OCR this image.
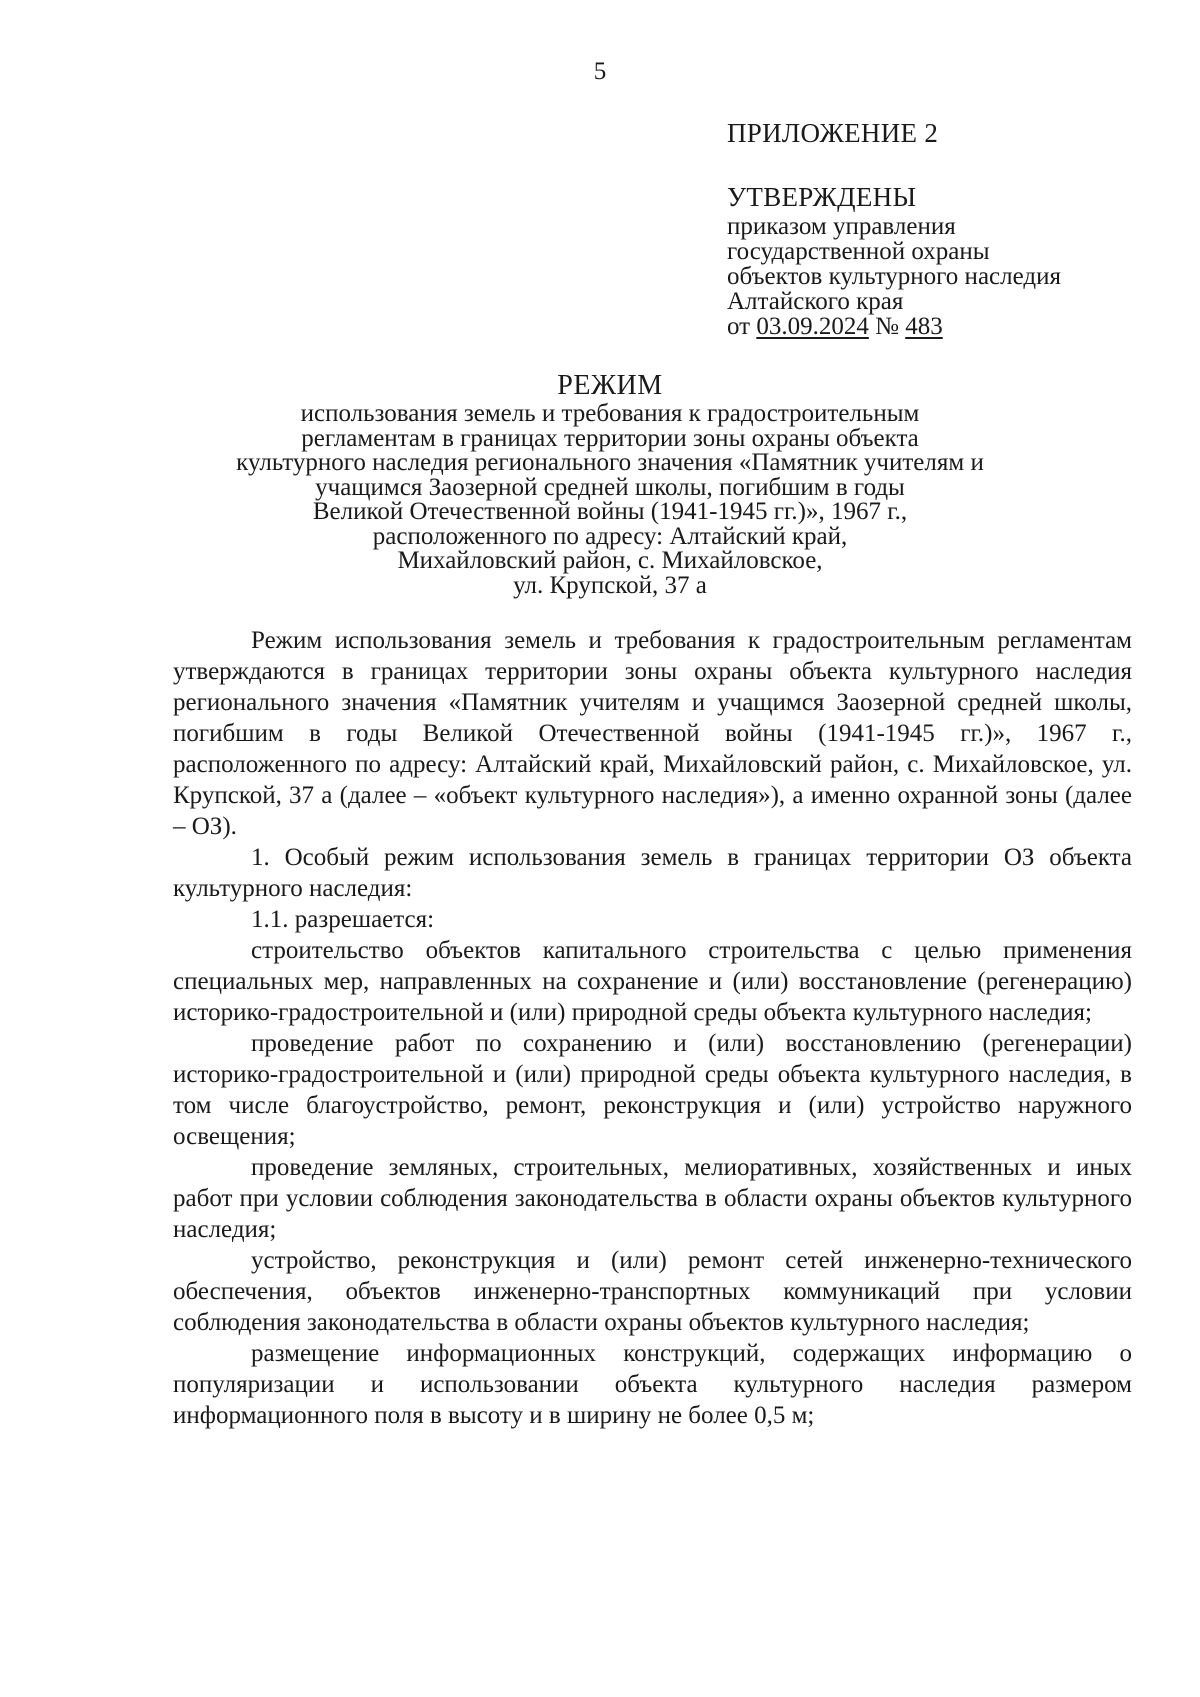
5
ПРИЛОЖЕНИЕ 2
УТВЕРЖДЕНЫ
приказом управления
государственной охраны
объектов культурного наследия
Алтайского края
от 03.09.2024 № 483
РЕЖИМ
использования земель и требования к градостроительным
регламентам в границах территории зоны охраны объекта
культурного наследия регионального значения «Памятник учителям и
учащимся Заозерной средней школы, погибшим в годы
Великой Отечественной войны (1941-1945 гг.)», 1967 г.,
расположенного по адресу: Алтайский край,
Михайловский район, с. Михайловское,
ул. Крупской, 37 а

Режим использования земель и требования к градостроительным регламентам утверждаются в границах территории зоны охраны объекта культурного наследия регионального значения «Памятник учителям и учащимся Заозерной средней школы, погибшим в годы Великой Отечественной войны (1941-1945 гг.)», 1967 г., расположенного по адресу: Алтайский край, Михайловский район, с. Михайловское, ул. Крупской, 37 а (далее – «объект культурного наследия»), а именно охранной зоны (далее – ОЗ).

1. Особый режим использования земель в границах территории ОЗ объекта культурного наследия:

1.1. разрешается:

строительство объектов капитального строительства с целью применения специальных мер, направленных на сохранение и (или) восстановление (регенерацию) историко-градостроительной и (или) природной среды объекта культурного наследия;

проведение работ по сохранению и (или) восстановлению (регенерации) историко-градостроительной и (или) природной среды объекта культурного наследия, в том числе благоустройство, ремонт, реконструкция и (или) устройство наружного освещения;

проведение земляных, строительных, мелиоративных, хозяйственных и иных работ при условии соблюдения законодательства в области охраны объектов культурного наследия;

устройство, реконструкция и (или) ремонт сетей инженерно-технического обеспечения, объектов инженерно-транспортных коммуникаций при условии соблюдения законодательства в области охраны объектов культурного наследия;

размещение информационных конструкций, содержащих информацию о популяризации и использовании объекта культурного наследия размером информационного поля в высоту и в ширину не более 0,5 м;
